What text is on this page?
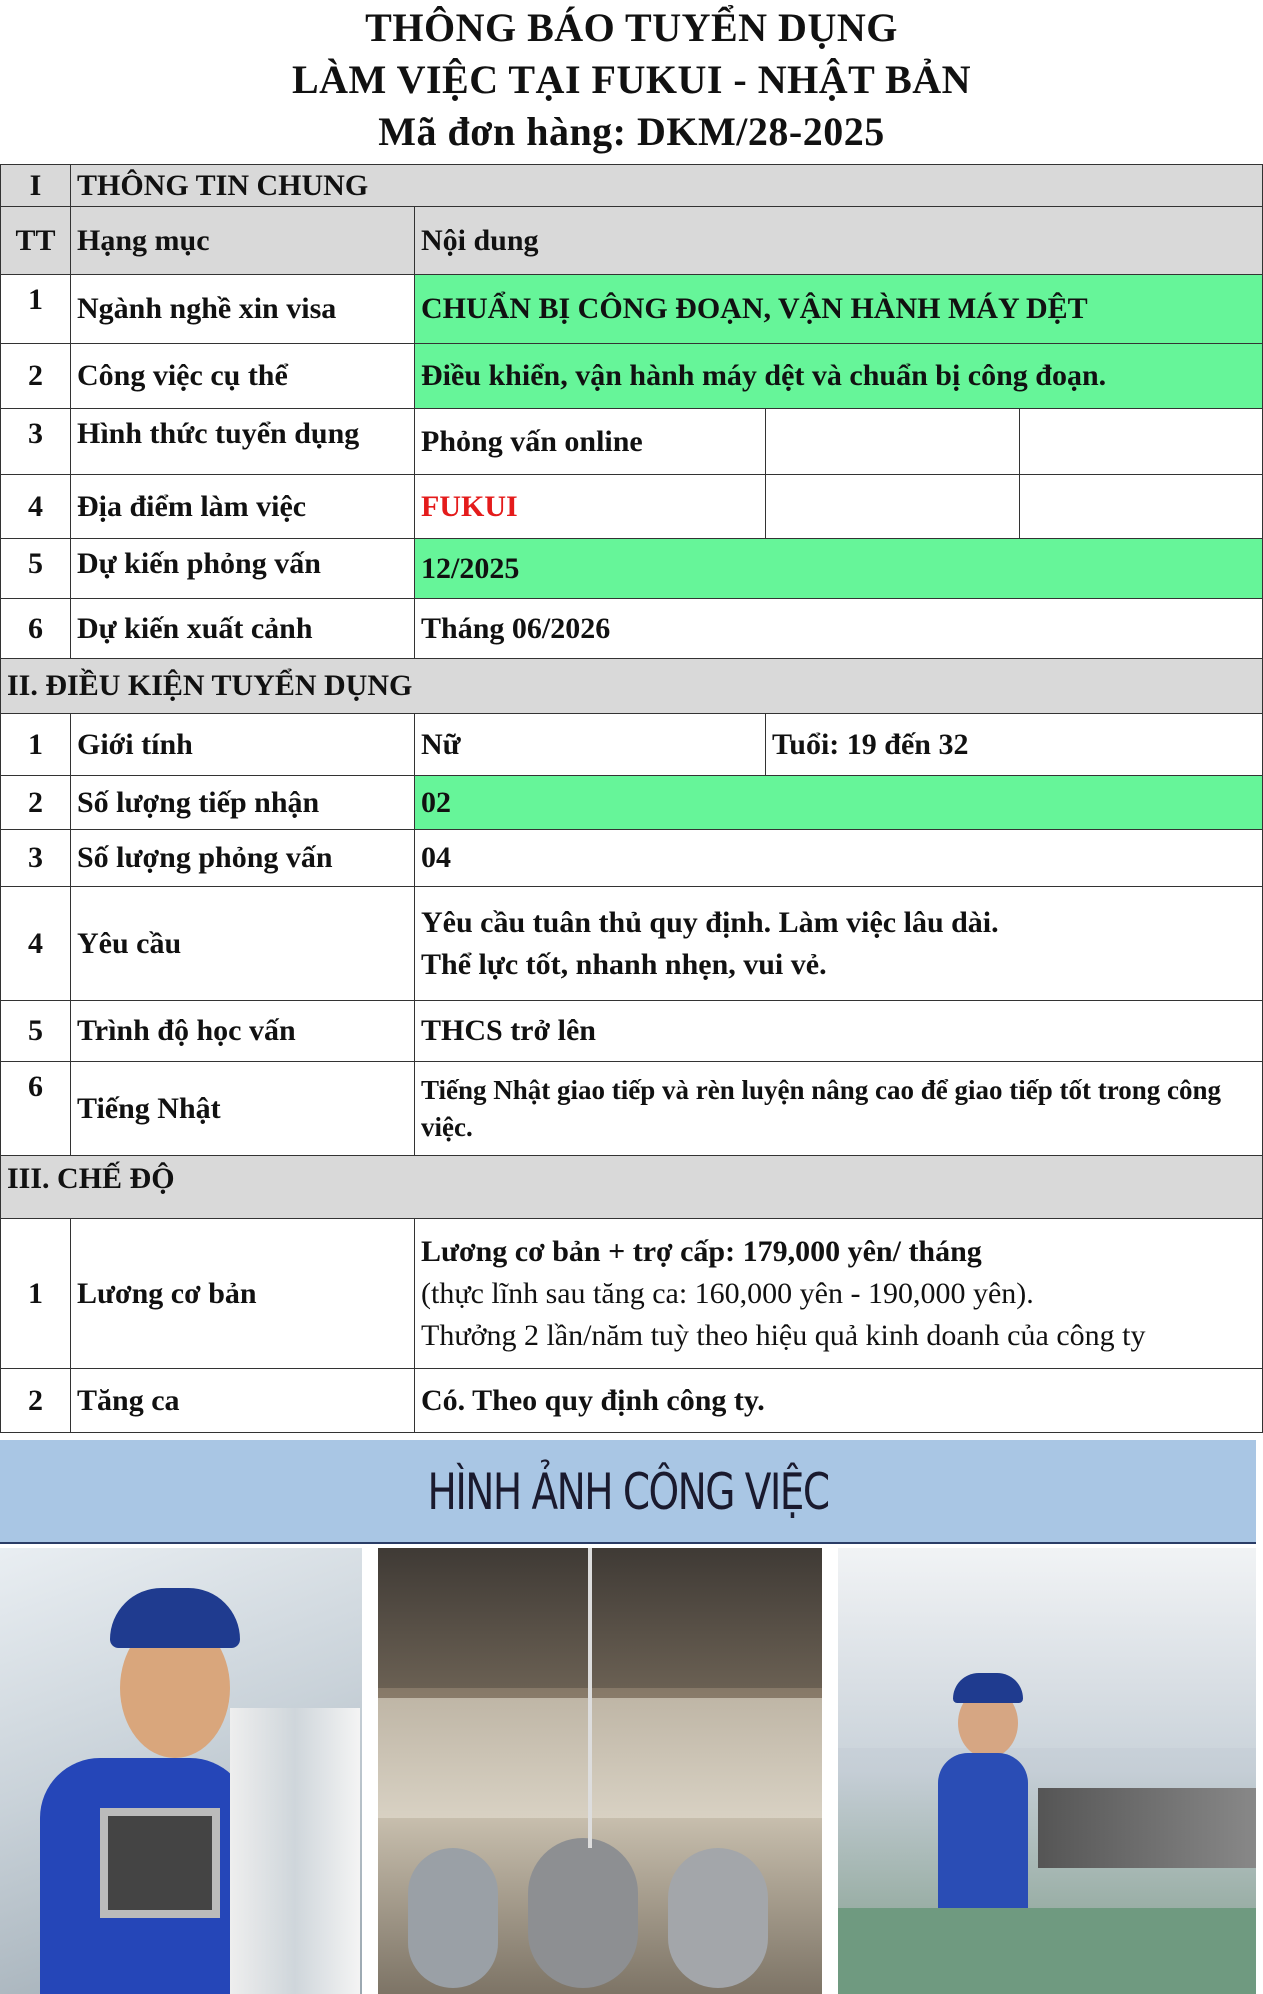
THÔNG BÁO TUYỂN DỤNG
LÀM VIỆC TẠI FUKUI - NHẬT BẢN
Mã đơn hàng: DKM/28-2025
I	THÔNG TIN CHUNG			
TT	Hạng mục	Nội dung		
1	Ngành nghề xin visa	CHUẨN BỊ CÔNG ĐOẠN, VẬN HÀNH MÁY DỆT		
2	Công việc cụ thể	Điều khiển, vận hành máy dệt và chuẩn bị công đoạn.		
3	Hình thức tuyển dụng	Phỏng vấn online		
4	Địa điểm làm việc	FUKUI		
5	Dự kiến phỏng vấn	12/2025		
6	Dự kiến xuất cảnh	Tháng 06/2026		
II. ĐIỀU KIỆN TUYỂN DỤNG				
1	Giới tính	Nữ	Tuổi: 19 đến 32	
2	Số lượng tiếp nhận	02		
3	Số lượng phỏng vấn	04		
4	Yêu cầu	Yêu cầu tuân thủ quy định. Làm việc lâu dài.
Thể lực tốt, nhanh nhẹn, vui vẻ.		

5	Trình độ học vấn	THCS trở lên		
6	Tiếng Nhật	Tiếng Nhật giao tiếp và rèn luyện nâng cao để giao tiếp tốt trong công việc.		
III. CHẾ ĐỘ				
1	Lương cơ bản	Lương cơ bản + trợ cấp: 179,000 yên/ tháng
(thực lĩnh sau tăng ca: 160,000 yên - 190,000 yên).
Thưởng 2 lần/năm tuỳ theo hiệu quả kinh doanh của công ty		

2	Tăng ca	Có. Theo quy định công ty.		
HÌNH ẢNH CÔNG VIỆC
